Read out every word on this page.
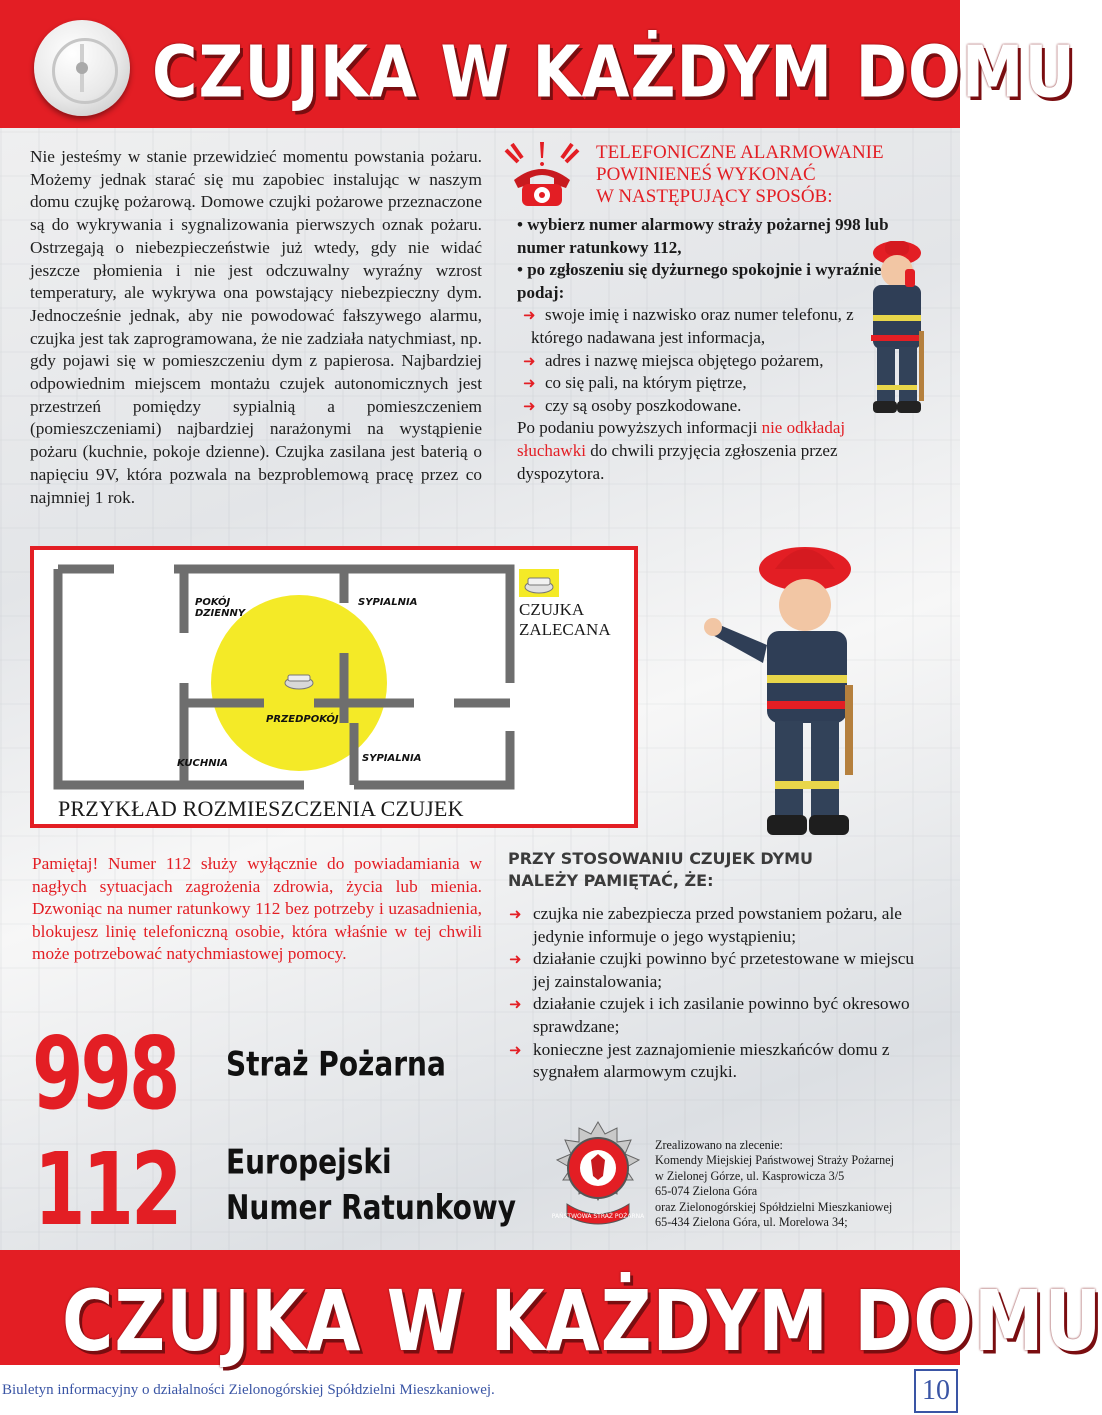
CZUJKA W KAŻDYM DOMU
Nie jesteśmy w stanie przewidzieć momentu powstania pożaru. Możemy jednak starać się mu zapobiec instalując w naszym domu czujkę pożarową. Domowe czujki pożarowe przeznaczone są do wykrywania i sygnalizowania pierwszych oznak pożaru. Ostrzegają o niebezpieczeństwie już wtedy, gdy nie widać jeszcze płomienia i nie jest odczuwalny wyraźny wzrost temperatury, ale wykrywa ona powstający niebezpieczny dym. Jednocześnie jednak, aby nie powodować fałszywego alarmu, czujka jest tak zaprogramowana, że nie zadziała natychmiast, np. gdy pojawi się w pomieszczeniu dym z papierosa. Najbardziej odpowiednim miejscem montażu czujek autonomicznych jest przestrzeń pomiędzy sypialnią a pomieszczeniem (pomieszczeniami) najbardziej narażonymi na wystąpienie pożaru (kuchnie, pokoje dzienne). Czujka zasilana jest baterią o napięciu 9V, która pozwala na bezproblemową pracę przez co najmniej 1 rok.
TELEFONICZNE ALARMOWANIE
POWINIENEŚ WYKONAĆ
W NASTĘPUJĄCY SPOSÓB:
• wybierz numer alarmowy straży pożarnej 998 lub numer ratunkowy 112,
• po zgłoszeniu się dyżurnego spokojnie i wyraźnie podaj:
➜ swoje imię i nazwisko oraz numer telefonu, z którego nadawana jest informacja,
➜ adres i nazwę miejsca objętego pożarem,
➜ co się pali, na którym piętrze,
➜ czy są osoby poszkodowane.
Po podaniu powyższych informacji nie odkładaj słuchawki do chwili przyjęcia zgłoszenia przez dyspozytora.
POKÓJ
DZIENNY
SYPIALNIA
PRZEDPOKÓJ
KUCHNIA	SYPIALNIA
PRZYKŁAD ROZMIESZCZENIA CZUJEK
CZUJKA
ZALECANA
Pamiętaj! Numer 112 służy wyłącznie do powiadamiania w nagłych sytuacjach zagrożenia zdrowia, życia lub mienia. Dzwoniąc na numer ratunkowy 112 bez potrzeby i uzasadnienia, blokujesz linię telefoniczną osobie, która właśnie w tej chwili może potrzebować natychmiastowej pomocy.
PRZY STOSOWANIU CZUJEK DYMU
NALEŻY PAMIĘTAĆ, ŻE:
➜ czujka nie zabezpiecza przed powstaniem pożaru, ale jedynie informuje o jego wystąpieniu;
➜ działanie czujki powinno być przetestowane w miejscu jej zainstalowania;
➜ działanie czujek i ich zasilanie powinno być okresowo sprawdzane;
➜ konieczne jest zaznajomienie mieszkańców domu z sygnałem alarmowym czujki.
998 Straż Pożarna
112 Europejski
Numer Ratunkowy	PAŃSTWOWA STRAŻ POŻARNA
Zrealizowano na zlecenie:
Komendy Miejskiej Państwowej Straży Pożarnej
w Zielonej Górze, ul. Kasprowicza 3/5
65-074 Zielona Góra
oraz Zielonogórskiej Spółdzielni Mieszkaniowej
65-434 Zielona Góra, ul. Morelowa 34;
CZUJKA W KAŻDYM DOMU
Biuletyn informacyjny o działalności Zielonogórskiej Spółdzielni Mieszkaniowej.	10
